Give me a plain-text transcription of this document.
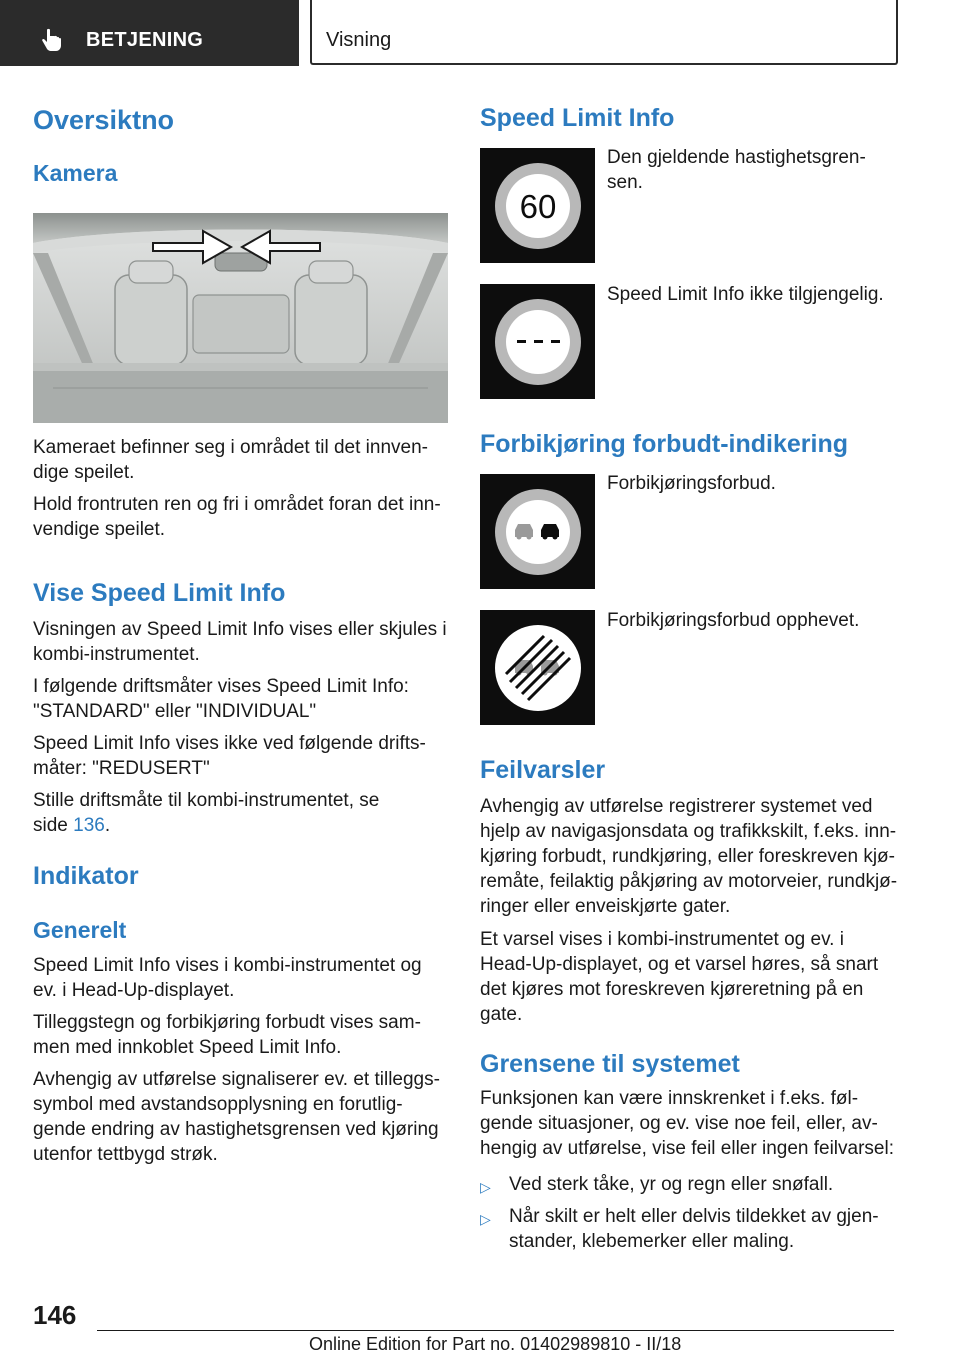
BETJENING	Visning
Oversiktno
Kamera

Kameraet befinner seg i området til det innven-

dige speilet.

Hold frontruten ren og fri i området foran det inn-

vendige speilet.

Vise Speed Limit Info

Visningen av Speed Limit Info vises eller skjules i

kombi-instrumentet.

I følgende driftsmåter vises Speed Limit Info:

"STANDARD" eller "INDIVIDUAL"

Speed Limit Info vises ikke ved følgende drifts-

måter: "REDUSERT"

Stille driftsmåte til kombi-instrumentet, se

side 136.

Indikator
Generelt

Speed Limit Info vises i kombi-instrumentet og

ev. i Head-Up-displayet.

Tilleggstegn og forbikjøring forbudt vises sam-

men med innkoblet Speed Limit Info.

Avhengig av utførelse signaliserer ev. et tilleggs-

symbol med avstandsopplysning en forutlig-

gende endring av hastighetsgrensen ved kjøring

utenfor tettbygd strøk.

Speed Limit Info
60

Den gjeldende hastighetsgren-

sen.

Speed Limit Info ikke tilgjengelig.

Forbikjøring forbudt-indikering

Forbikjøringsforbud.

Forbikjøringsforbud opphevet.

Feilvarsler

Avhengig av utførelse registrerer systemet ved

hjelp av navigasjonsdata og trafikkskilt, f.eks. inn-

kjøring forbudt, rundkjøring, eller foreskreven kjø-

remåte, feilaktig påkjøring av motorveier, rundkjø-

ringer eller enveiskjørte gater.

Et varsel vises i kombi-instrumentet og ev. i

Head-Up-displayet, og et varsel høres, så snart

det kjøres mot foreskreven kjøreretning på en

gate.

Grensene til systemet

Funksjonen kan være innskrenket i f.eks. føl-

gende situasjoner, og ev. vise noe feil, eller, av-

hengig av utførelse, vise feil eller ingen feilvarsel:

▷ Ved sterk tåke, yr og regn eller snøfall.
▷ Når skilt er helt eller delvis tildekket av gjen-

stander, klebemerker eller maling.

146
Online Edition for Part no. 01402989810 - II/18
